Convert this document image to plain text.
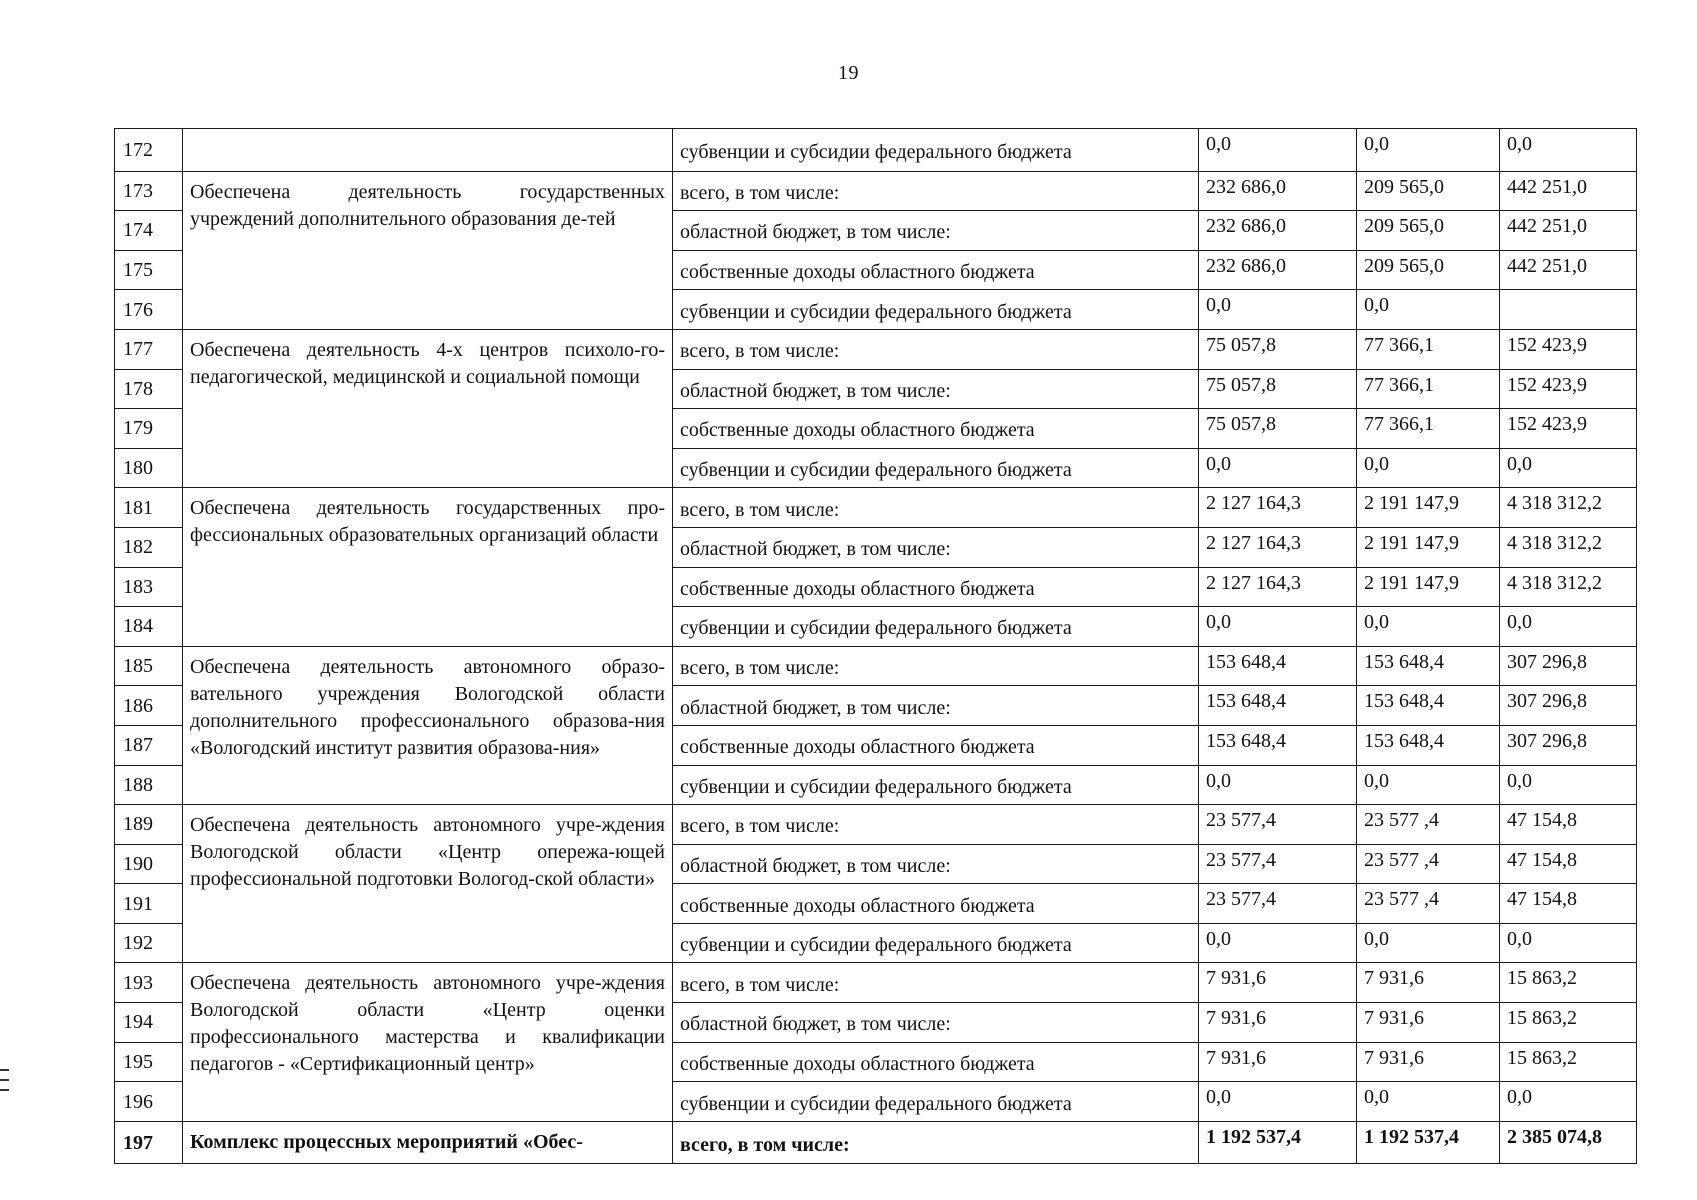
19
172		субвенции и субсидии федерального бюджета	0,0	0,0	0,0
173	Обеспечена деятельность государственных учреждений дополнительного образования де-тей	всего, в том числе:	232 686,0	209 565,0	442 251,0
174		областной бюджет, в том числе:	232 686,0	209 565,0	442 251,0
175		собственные доходы областного бюджета	232 686,0	209 565,0	442 251,0
176		субвенции и субсидии федерального бюджета	0,0	0,0	
177	Обеспечена деятельность 4-х центров психоло-го-педагогической, медицинской и социальной помощи	всего, в том числе:	75 057,8	77 366,1	152 423,9
178		областной бюджет, в том числе:	75 057,8	77 366,1	152 423,9
179		собственные доходы областного бюджета	75 057,8	77 366,1	152 423,9
180		субвенции и субсидии федерального бюджета	0,0	0,0	0,0
181	Обеспечена деятельность государственных про-фессиональных образовательных организаций области	всего, в том числе:	2 127 164,3	2 191 147,9	4 318 312,2
182		областной бюджет, в том числе:	2 127 164,3	2 191 147,9	4 318 312,2
183		собственные доходы областного бюджета	2 127 164,3	2 191 147,9	4 318 312,2
184		субвенции и субсидии федерального бюджета	0,0	0,0	0,0
185	Обеспечена деятельность автономного образо-вательного учреждения Вологодской области дополнительного профессионального образова-ния «Вологодский институт развития образова-ния»	всего, в том числе:	153 648,4	153 648,4	307 296,8
186		областной бюджет, в том числе:	153 648,4	153 648,4	307 296,8
187		собственные доходы областного бюджета	153 648,4	153 648,4	307 296,8
188		субвенции и субсидии федерального бюджета	0,0	0,0	0,0
189	Обеспечена деятельность автономного учре-ждения Вологодской области «Центр опережа-ющей профессиональной подготовки Вологод-ской области»	всего, в том числе:	23 577,4	23 577 ,4	47 154,8
190		областной бюджет, в том числе:	23 577,4	23 577 ,4	47 154,8
191		собственные доходы областного бюджета	23 577,4	23 577 ,4	47 154,8
192		субвенции и субсидии федерального бюджета	0,0	0,0	0,0
193	Обеспечена деятельность автономного учре-ждения Вологодской области «Центр оценки профессионального мастерства и квалификации педагогов - «Сертификационный центр»	всего, в том числе:	7 931,6	7 931,6	15 863,2
194		областной бюджет, в том числе:	7 931,6	7 931,6	15 863,2
195		собственные доходы областного бюджета	7 931,6	7 931,6	15 863,2
196		субвенции и субсидии федерального бюджета	0,0	0,0	0,0
197	Комплекс процессных мероприятий «Обес-	всего, в том числе:	1 192 537,4	1 192 537,4	2 385 074,8
